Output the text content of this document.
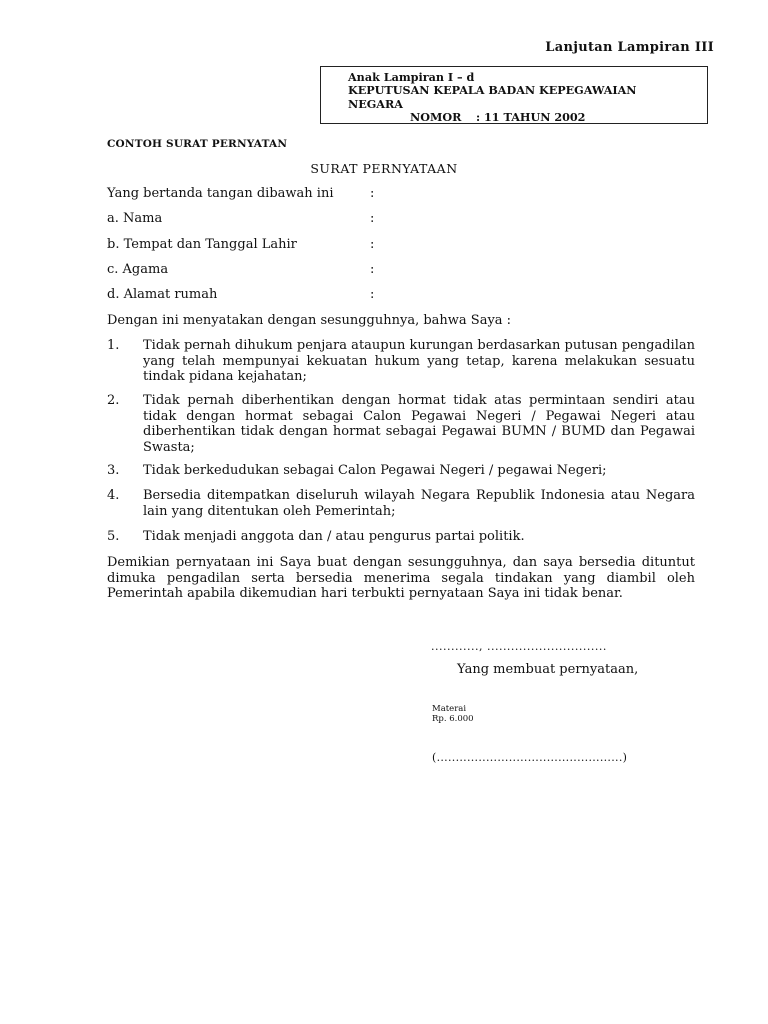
Lanjutan Lampiran III
Anak Lampiran I – d
KEPUTUSAN KEPALA BADAN KEPEGAWAIAN
NEGARA
NOMOR : 11 TAHUN 2002
CONTOH SURAT PERNYATAN
SURAT PERNYATAAN
Yang bertanda tangan dibawah ini	:
a. Nama	:
b. Tempat dan Tanggal Lahir	:
c. Agama	:
d. Alamat rumah	:
Dengan ini menyatakan dengan sesungguhnya, bahwa Saya :
1. Tidak pernah dihukum penjara ataupun kurungan berdasarkan putusan pengadilan yang telah mempunyai kekuatan hukum yang tetap, karena melakukan sesuatu tindak pidana kejahatan;
2. Tidak pernah diberhentikan dengan hormat tidak atas permintaan sendiri atau tidak dengan hormat sebagai Calon Pegawai Negeri / Pegawai Negeri atau diberhentikan tidak dengan hormat sebagai Pegawai BUMN / BUMD dan Pegawai Swasta;
3. Tidak berkedudukan sebagai Calon Pegawai Negeri / pegawai Negeri;
4. Bersedia ditempatkan diseluruh wilayah Negara Republik Indonesia atau Negara lain yang ditentukan oleh Pemerintah;
5. Tidak menjadi anggota dan / atau pengurus partai politik.
Demikian pernyataan ini Saya buat dengan sesungguhnya, dan saya bersedia dituntut dimuka pengadilan serta bersedia menerima segala tindakan yang diambil oleh Pemerintah apabila dikemudian hari terbukti pernyataan Saya ini tidak benar.
............, ..............................
Yang membuat pernyataan,
Materai
Rp. 6.000
(.................................................)
